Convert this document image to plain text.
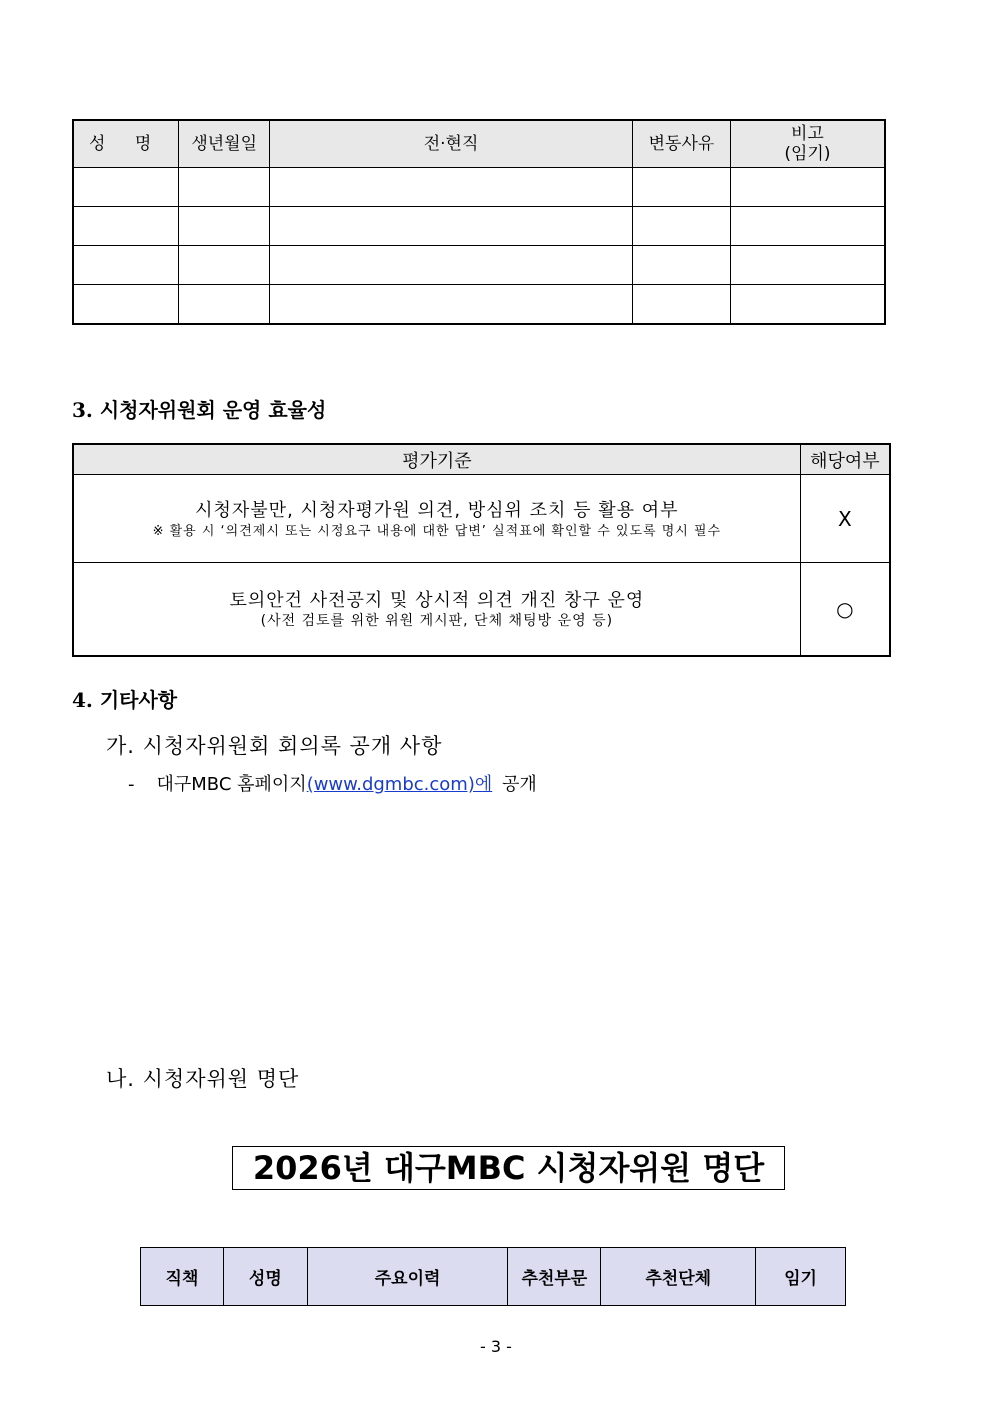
성 명	생년월일	전·현직	변동사유	비고
(임기)

3. 시청자위원회 운영 효율성
평가기준	해당여부

시청자불만, 시청자평가원 의견, 방심위 조치 등 활용 여부
※ 활용 시 ‘의견제시 또는 시정요구 내용에 대한 답변’ 실적표에 확인할 수 있도록 명시 필수	X

토의안건 사전공지 및 상시적 의견 개진 창구 운영
(사전 검토를 위한 위원 게시판, 단체 채팅방 운영 등)	○
4. 기타사항
가. 시청자위원회 회의록 공개 사항
- 대구MBC 홈페이지(www.dgmbc.com)에 공개
나. 시청자위원 명단
2026년 대구MBC 시청자위원 명단
직책	성명	주요이력	추천부문	추천단체	임기
- 3 -
